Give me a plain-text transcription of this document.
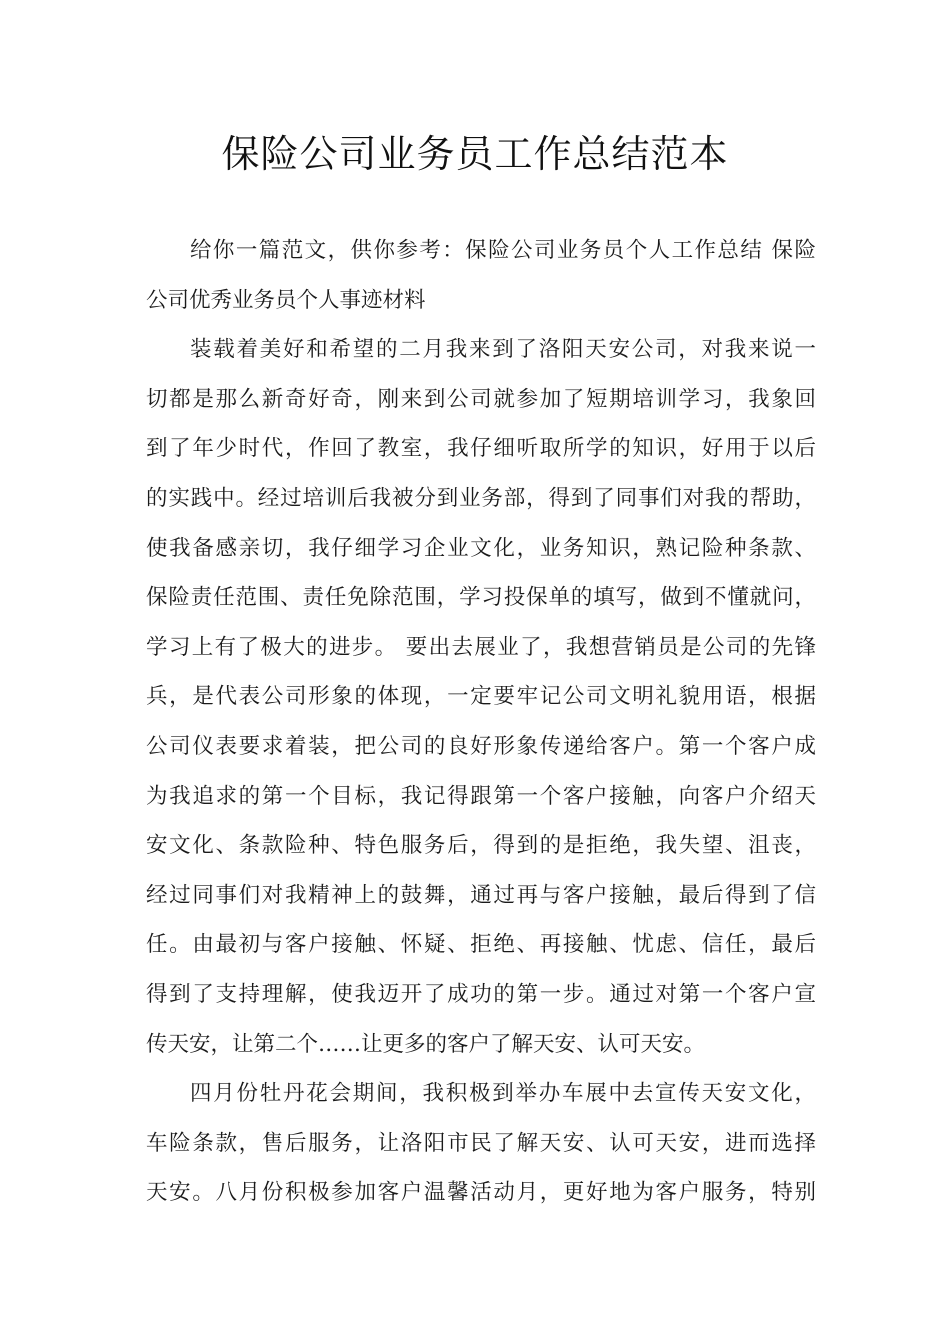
保险公司业务员工作总结范本
给你一篇范文，供你参考：保险公司业务员个人工作总结 保险
公司优秀业务员个人事迹材料
装载着美好和希望的二月我来到了洛阳天安公司，对我来说一
切都是那么新奇好奇，刚来到公司就参加了短期培训学习，我象回
到了年少时代，作回了教室，我仔细听取所学的知识，好用于以后
的实践中。经过培训后我被分到业务部，得到了同事们对我的帮助，
使我备感亲切，我仔细学习企业文化，业务知识，熟记险种条款、
保险责任范围、责任免除范围，学习投保单的填写，做到不懂就问，
学习上有了极大的进步。 要出去展业了，我想营销员是公司的先锋
兵，是代表公司形象的体现，一定要牢记公司文明礼貌用语，根据
公司仪表要求着装，把公司的良好形象传递给客户。第一个客户成
为我追求的第一个目标，我记得跟第一个客户接触，向客户介绍天
安文化、条款险种、特色服务后，得到的是拒绝，我失望、沮丧，
经过同事们对我精神上的鼓舞，通过再与客户接触，最后得到了信
任。由最初与客户接触、怀疑、拒绝、再接触、忧虑、信任，最后
得到了支持理解，使我迈开了成功的第一步。通过对第一个客户宣
传天安，让第二个……让更多的客户了解天安、认可天安。
四月份牡丹花会期间，我积极到举办车展中去宣传天安文化，
车险条款，售后服务，让洛阳市民了解天安、认可天安，进而选择
天安。八月份积极参加客户温馨活动月，更好地为客户服务，特别
